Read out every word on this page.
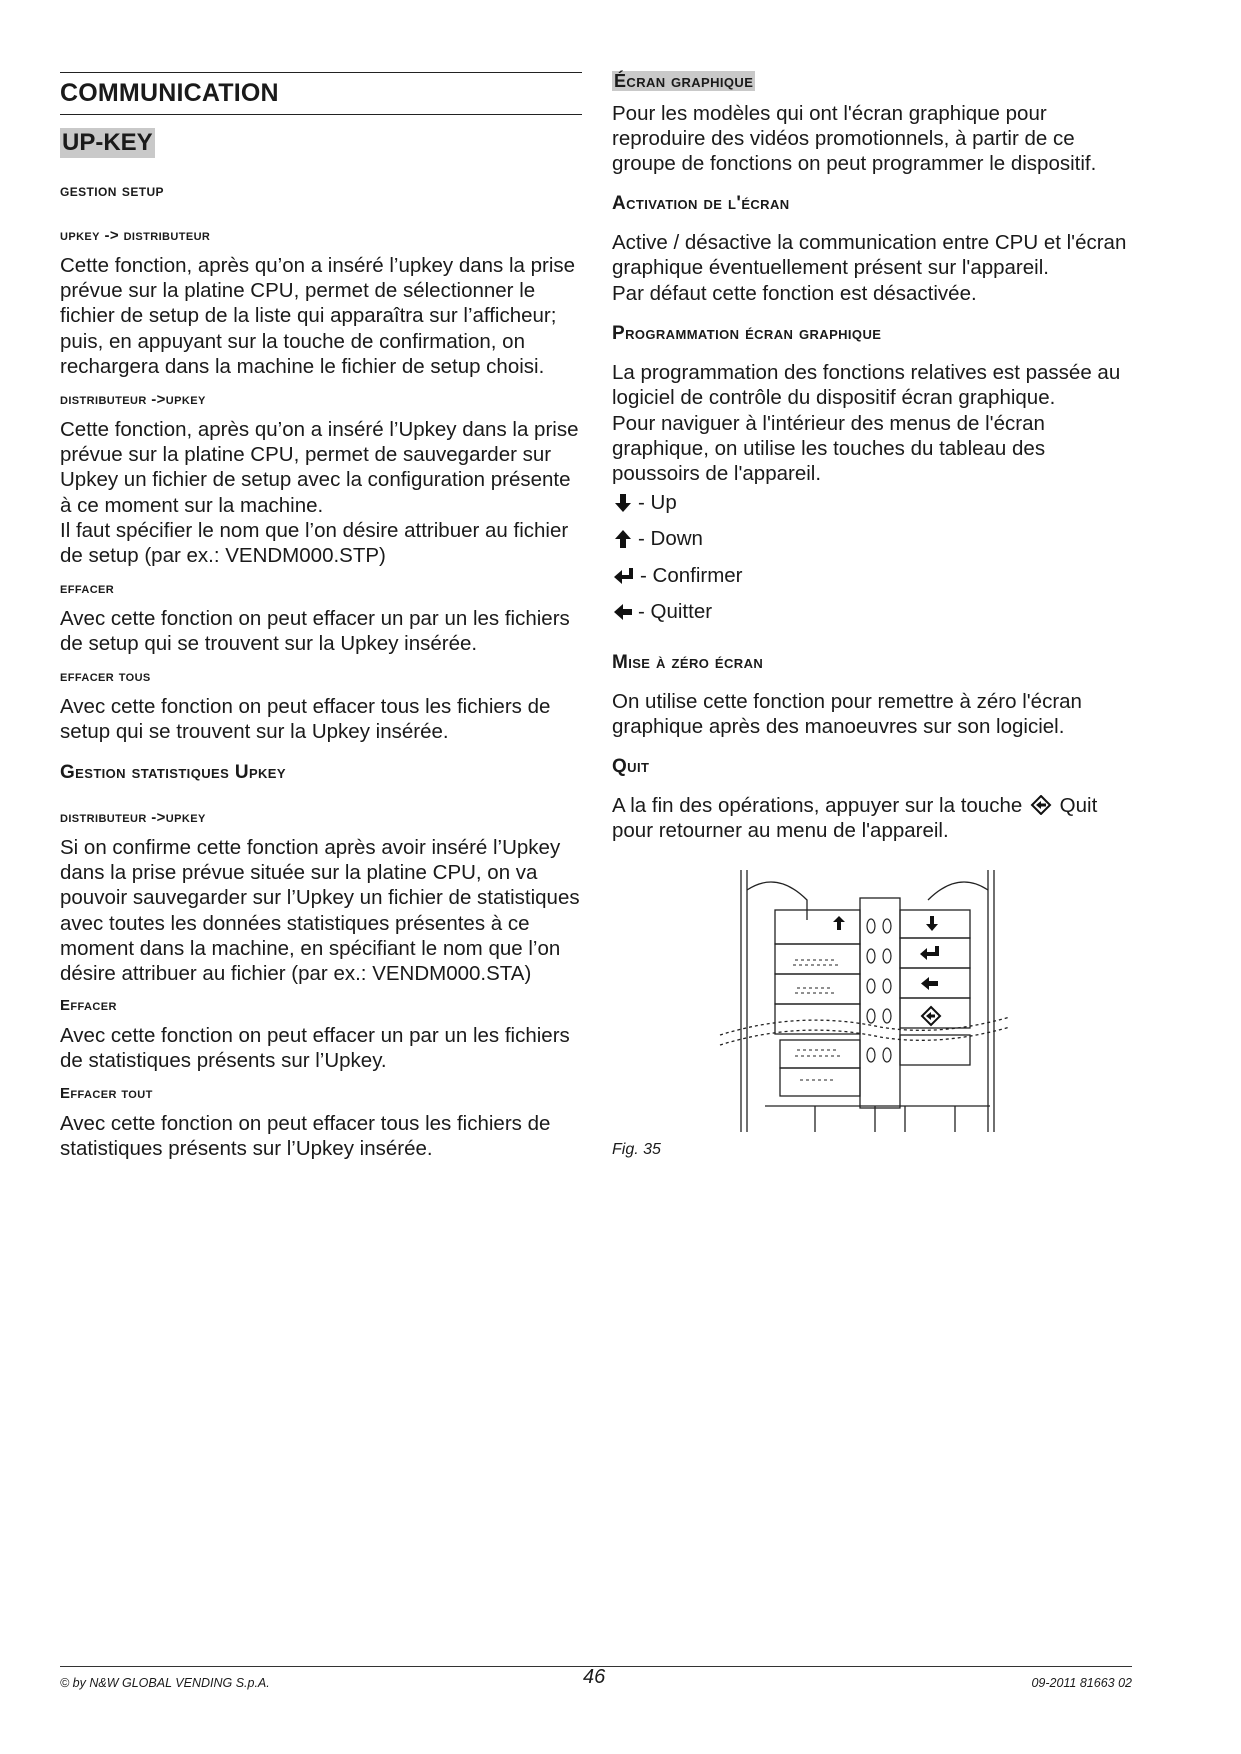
COMMUNICATION
UP-KEY
gestion setup
upkey -> distributeur

Cette fonction, après qu’on a inséré l’upkey dans la prise prévue sur la platine CPU, permet de sélectionner le fichier de setup de la liste qui apparaîtra sur l’afficheur; puis, en appuyant sur la touche de confirmation, on rechargera dans la machine le fichier de setup choisi.

distributeur ->upkey

Cette fonction, après qu’on a inséré l’Upkey dans la prise prévue sur la platine CPU, permet de sauvegarder sur Upkey un fichier de setup avec la configuration présente à ce moment sur la machine.

Il faut spécifier le nom que l’on désire attribuer au fichier de setup (par ex.: VENDM000.STP)

effacer

Avec cette fonction on peut effacer un par un les fichiers de setup qui se trouvent sur la Upkey insérée.

effacer tous

Avec cette fonction on peut effacer tous les fichiers de setup qui se trouvent sur la Upkey insérée.

Gestion statistiques Upkey
distributeur ->upkey

Si on confirme cette fonction après avoir inséré l’Upkey dans la prise prévue située sur la platine CPU, on va pouvoir sauvegarder sur l’Upkey un fichier de statistiques avec toutes les données statistiques présentes à ce moment dans la machine, en spécifiant le nom que l’on désire attribuer au fichier (par ex.: VENDM000.STA)

Effacer

Avec cette fonction on peut effacer un par un les fichiers de statistiques présents sur l’Upkey.

Effacer tout

Avec cette fonction on peut effacer tous les fichiers de statistiques présents sur l’Upkey insérée.

Écran graphique

Pour les modèles qui ont l'écran graphique pour reproduire des vidéos promotionnels, à partir de ce groupe de fonctions on peut programmer le dispositif.

Activation de l'écran

Active / désactive la communication entre CPU et l'écran graphique éventuellement présent sur l'appareil.

Par défaut cette fonction est désactivée.

Programmation écran graphique

La programmation des fonctions relatives est passée au logiciel de contrôle du dispositif écran graphique.

Pour naviguer à l'intérieur des menus de l'écran graphique, on utilise les touches du tableau des poussoirs de l'appareil.

- Up
- Down
- Confirmer
- Quitter
Mise à zéro écran

On utilise cette fonction pour remettre à zéro l'écran graphique après des manoeuvres sur son logiciel.

Quit

A la fin des opérations, appuyer sur la touche Quit
pour retourner au menu de l'appareil.

Fig. 35
© by N&W GLOBAL VENDING S.p.A.	46	09-2011 81663 02
